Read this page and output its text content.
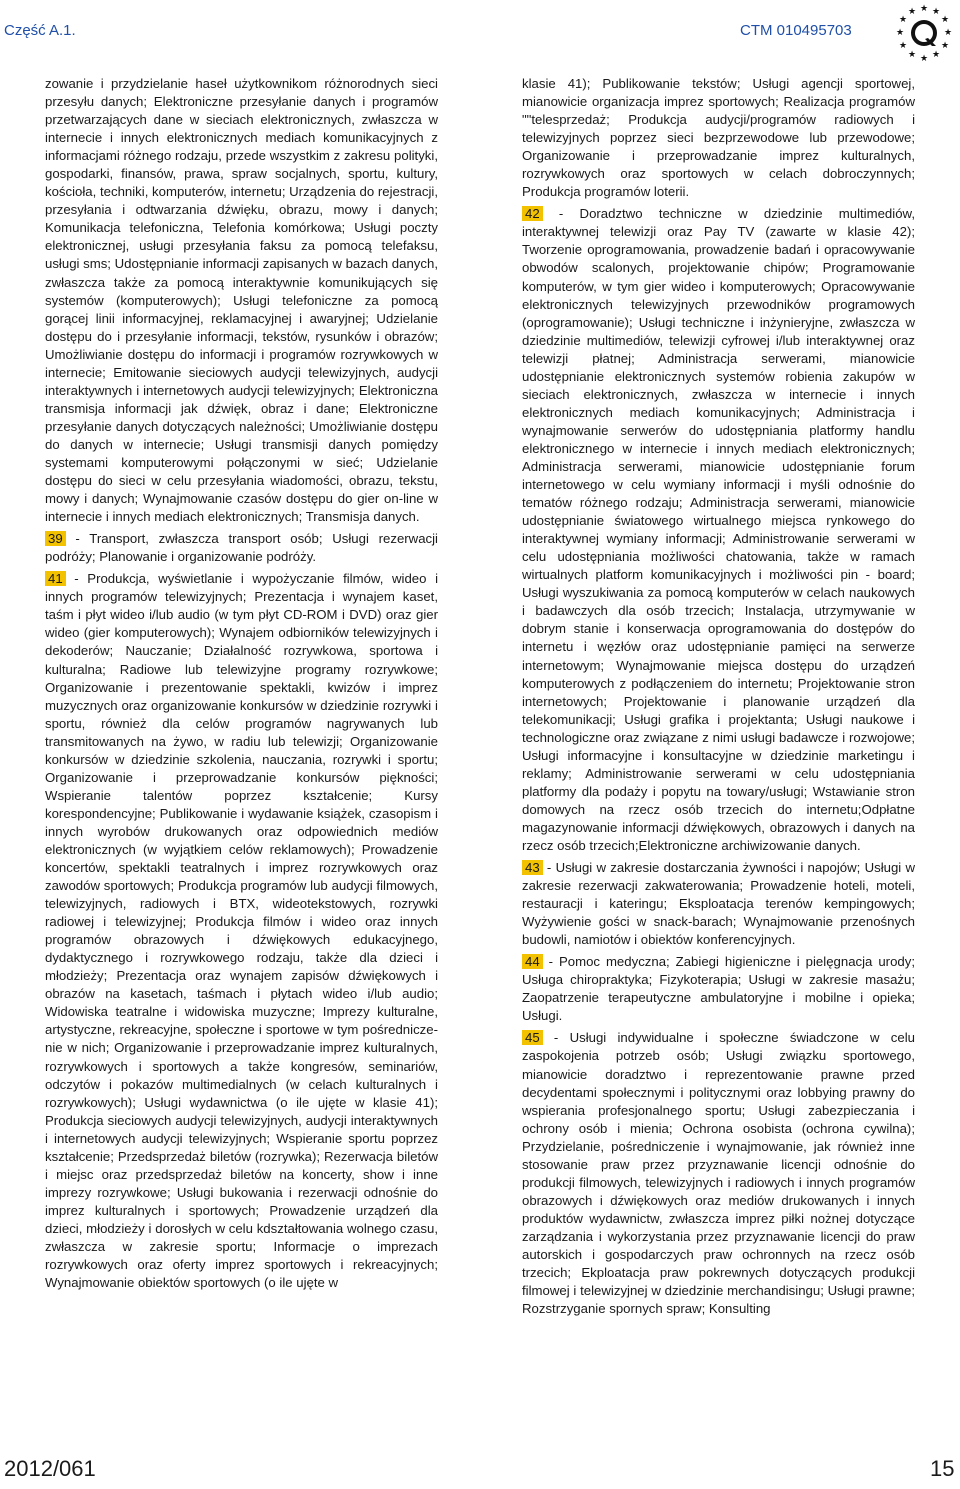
Część A.1.	CTM 010495703
★ ★
★
★
★
★
★
★
★
★
★
★

zowanie i przydzielanie haseł użytkownikom różnorodnych sieci przesyłu danych; Elektroniczne przesyłanie danych i programów przetwarzających dane w sieciach elektronicznych, zwłaszcza w internecie i innych elektronicznych mediach komunikacyjnych z informacjami różnego rodzaju, przede wszystkim z zakresu polityki, gospodarki, finansów, prawa, spraw socjalnych, sportu, kultury, kościoła, techniki, komputerów, internetu; Urządzenia do rejestracji, przesyłania i odtwarzania dźwięku, obrazu, mowy i danych; Komunikacja telefoniczna, Telefonia komórkowa; Usługi poczty elektronicznej, usługi przesyłania faksu za pomocą telefaksu, usługi sms; Udostępnianie informacji zapisanych w bazach danych, zwłaszcza także za pomocą interaktywnie komunikujących się systemów (komputerowych); Usługi telefoniczne za pomocą gorącej linii informacyjnej, reklamacyjnej i awaryjnej; Udzielanie dostępu do i przesyłanie informacji, tekstów, rysunków i obrazów; Umożliwianie dostępu do informacji i programów rozrywkowych w internecie; Emitowanie sieciowych audycji telewizyjnych, audycji interaktywnych i internetowych audycji telewizyjnych; Elektroniczna transmisja informacji jak dźwięk, obraz i dane; Elektroniczne przesyłanie danych dotyczących należności; Umożliwianie dostępu do danych w internecie; Usługi transmisji danych pomiędzy systemami komputerowymi połączonymi w sieć; Udzielanie dostępu do sieci w celu przesyłania wiadomości, obrazu, tekstu, mowy i danych; Wynajmowanie czasów dostępu do gier on-line w internecie i innych mediach elektronicznych; Transmisja danych.

39 - Transport, zwłaszcza transport osób; Usługi rezerwacji podróży; Planowanie i organizowanie podróży.

41 - Produkcja, wyświetlanie i wypożyczanie filmów, wideo i innych programów telewizyjnych; Prezentacja i wynajem kaset, taśm i płyt wideo i/lub audio (w tym płyt CD-ROM i DVD) oraz gier wideo (gier komputerowych); Wynajem odbiorników telewizyjnych i dekoderów; Nauczanie; Działalność rozrywkowa, sportowa i kulturalna; Radiowe lub telewizyjne programy rozrywkowe; Organizowanie i prezentowanie spektakli, kwizów i imprez muzycznych oraz organizowanie konkursów w dziedzinie rozrywki i sportu, również dla celów programów nagrywanych lub transmitowanych na żywo, w radiu lub telewizji; Organizowanie konkursów w dziedzinie szkolenia, nauczania, rozrywki i sportu; Organizowanie i przeprowadzanie konkursów piękności; Wspieranie talentów poprzez kształcenie; Kursy korespondencyjne; Publikowanie i wydawanie książek, czasopism i innych wyrobów drukowanych oraz odpowiednich mediów elektronicznych (w wyjątkiem celów reklamowych); Prowadzenie koncertów, spektakli teatralnych i imprez rozrywkowych oraz zawodów sportowych; Produkcja programów lub audycji filmowych, telewizyjnych, radiowych i BTX, wideotekstowych, rozrywki radiowej i telewizyjnej; Produkcja filmów i wideo oraz innych programów obrazowych i dźwiękowych edukacyjnego, dydaktycznego i rozrywkowego rodzaju, także dla dzieci i młodzieży; Prezentacja oraz wynajem zapisów dźwiękowych i obrazów na kasetach, taśmach i płytach wideo i/lub audio; Widowiska teatralne i widowiska muzyczne; Imprezy kulturalne, artystyczne, rekreacyjne, społeczne i sportowe w tym pośredniczenie w nich; Organizowanie i przeprowadzanie imprez kulturalnych, rozrywkowych i sportowych a także kongresów, seminariów, odczytów i pokazów multimedialnych (w celach kulturalnych i rozrywkowych); Usługi wydawnictwa (o ile ujęte w klasie 41); Produkcja sieciowych audycji telewizyjnych, audycji interaktywnych i internetowych audycji telewizyjnych; Wspieranie sportu poprzez kształcenie; Przedsprzedaż biletów (rozrywka); Rezerwacja biletów i miejsc oraz przedsprzedaż biletów na koncerty, show i inne imprezy rozrywkowe; Usługi bukowania i rezerwacji odnośnie do imprez kulturalnych i sportowych; Prowadzenie urządzeń dla dzieci, młodzieży i dorosłych w celu kdształtowania wolnego czasu, zwłaszcza w zakresie sportu; Informacje o imprezach rozrywkowych oraz oferty imprez sportowych i rekreacyjnych; Wynajmowanie obiektów sportowych (o ile ujęte w

klasie 41); Publikowanie tekstów; Usługi agencji sportowej, mianowicie organizacja imprez sportowych; Realizacja programów ""telesprzedaż; Produkcja audycji/programów radiowych i telewizyjnych poprzez sieci bezprzewodowe lub przewodowe; Organizowanie i przeprowadzanie imprez kulturalnych, rozrywkowych oraz sportowych w celach dobroczynnych; Produkcja programów loterii.

42 - Doradztwo techniczne w dziedzinie multimediów, interaktywnej telewizji oraz Pay TV (zawarte w klasie 42); Tworzenie oprogramowania, prowadzenie badań i opracowywanie obwodów scalonych, projektowanie chipów; Programowanie komputerów, w tym gier wideo i komputerowych; Opracowywanie elektronicznych telewizyjnych przewodników programowych (oprogramowanie); Usługi techniczne i inżynieryjne, zwłaszcza w dziedzinie multimediów, telewizji cyfrowej i/lub interaktywnej oraz telewizji płatnej; Administracja serwerami, mianowicie udostępnianie elektronicznych systemów robienia zakupów w sieciach elektronicznych, zwłaszcza w internecie i innych elektronicznych mediach komunikacyjnych; Administracja i wynajmowanie serwerów do udostępniania platformy handlu elektronicznego w internecie i innych mediach elektronicznych; Administracja serwerami, mianowicie udostępnianie forum internetowego w celu wymiany informacji i myśli odnośnie do tematów różnego rodzaju; Administracja serwerami, mianowicie udostępnianie światowego wirtualnego miejsca rynkowego do interaktywnej wymiany informacji; Administrowanie serwerami w celu udostępniania możliwości chatowania, także w ramach wirtualnych platform komunikacyjnych i możliwości pin - board; Usługi wyszukiwania za pomocą komputerów w celach naukowych i badawczych dla osób trzecich; Instalacja, utrzymywanie w dobrym stanie i konserwacja oprogramowania do dostępów do internetu i węzłów oraz udostępnianie pamięci na serwerze internetowym; Wynajmowanie miejsca dostępu do urządzeń komputerowych z podłączeniem do internetu; Projektowanie stron internetowych; Projektowanie i planowanie urządzeń dla telekomunikacji; Usługi grafika i projektanta; Usługi naukowe i technologiczne oraz związane z nimi usługi badawcze i rozwojowe; Usługi informacyjne i konsultacyjne w dziedzinie marketingu i reklamy; Administrowanie serwerami w celu udostępniania platformy dla podaży i popytu na towary/usługi; Wstawianie stron domowych na rzecz osób trzecich do internetu;Odpłatne magazynowanie informacji dźwiękowych, obrazowych i danych na rzecz osób trzecich;Elektroniczne archiwizowanie danych.

43 - Usługi w zakresie dostarczania żywności i napojów; Usługi w zakresie rezerwacji zakwaterowania; Prowadzenie hoteli, moteli, restauracji i kateringu; Eksploatacja terenów kempingowych; Wyżywienie gości w snack-barach; Wynajmowanie przenośnych budowli, namiotów i obiektów konferencyjnych.

44 - Pomoc medyczna; Zabiegi higieniczne i pielęgnacja urody; Usługa chiropraktyka; Fizykoterapia; Usługi w zakresie masażu; Zaopatrzenie terapeutyczne ambulatoryjne i mobilne i opieka; Usługi.

45 - Usługi indywidualne i społeczne świadczone w celu zaspokojenia potrzeb osób; Usługi związku sportowego, mianowicie doradztwo i reprezentowanie prawne przed decydentami społecznymi i politycznymi oraz lobbying prawny do wspierania profesjonalnego sportu; Usługi zabezpieczania i ochrony osób i mienia; Ochrona osobista (ochrona cywilna); Przydzielanie, pośredniczenie i wynajmowanie, jak również inne stosowanie praw przez przyznawanie licencji odnośnie do produkcji filmowych, telewizyjnych i radiowych i innych programów obrazowych i dźwiękowych oraz mediów drukowanych i innych produktów wydawnictw, zwłaszcza imprez piłki nożnej dotyczące zarządzania i wykorzystania przez przyznawanie licencji do praw autorskich i gospodarczych praw ochronnych na rzecz osób trzecich; Ekploatacja praw pokrewnych dotyczących produkcji filmowej i telewizyjnej w dziedzinie merchandisingu; Usługi prawne; Rozstrzyganie spornych spraw; Konsulting

2012/061	15
